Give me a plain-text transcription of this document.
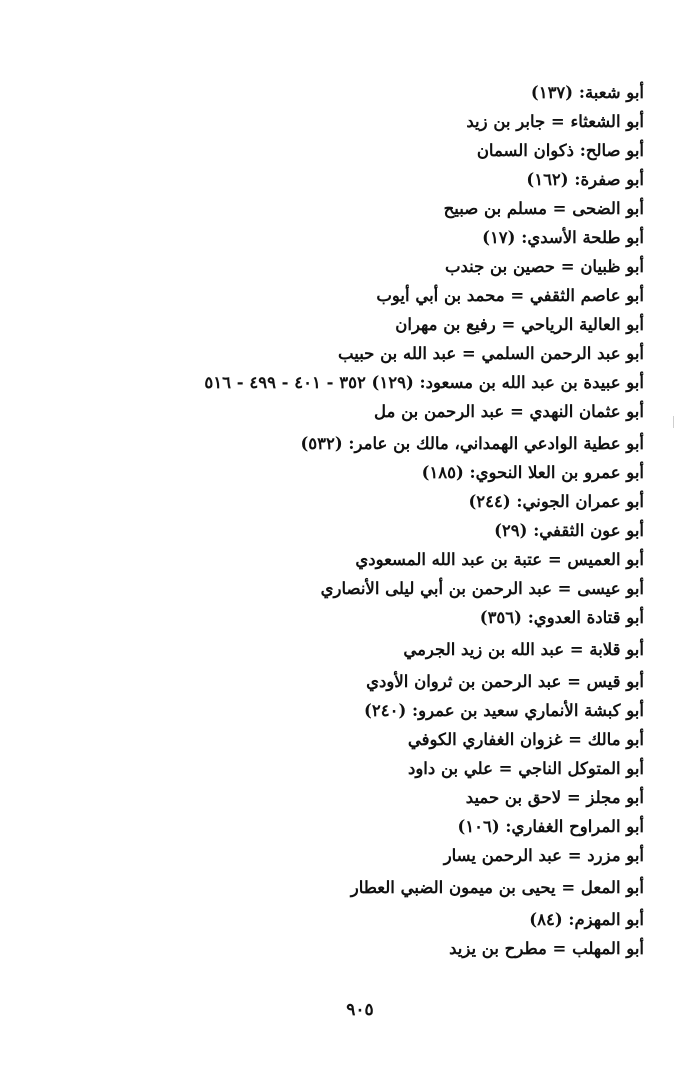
أبو شعبة: (١٣٧)
أبو الشعثاء = جابر بن زيد
أبو صالح: ذكوان السمان
أبو صفرة: (١٦٢)
أبو الضحى = مسلم بن صبيح
أبو طلحة الأسدي: (١٧)
أبو ظبيان = حصين بن جندب
أبو عاصم الثقفي = محمد بن أبي أيوب
أبو العالية الرياحي = رفيع بن مهران
أبو عبد الرحمن السلمي = عبد الله بن حبيب
أبو عبيدة بن عبد الله بن مسعود: (١٢٩) ٣٥٢ - ٤٠١ - ٤٩٩ - ٥١٦
أبو عثمان النهدي = عبد الرحمن بن مل
أبو عطية الوادعي الهمداني، مالك بن عامر: (٥٣٢)
أبو عمرو بن العلا النحوي: (١٨٥)
أبو عمران الجوني: (٢٤٤)
أبو عون الثقفي: (٢٩)
أبو العميس = عتبة بن عبد الله المسعودي
أبو عيسى = عبد الرحمن بن أبي ليلى الأنصاري
أبو قتادة العدوي: (٣٥٦)
أبو قلابة = عبد الله بن زيد الجرمي
أبو قيس = عبد الرحمن بن ثروان الأودي
أبو كبشة الأنماري سعيد بن عمرو: (٢٤٠)
أبو مالك = غزوان الغفاري الكوفي
أبو المتوكل الناجي = علي بن داود
أبو مجلز = لاحق بن حميد
أبو المراوح الغفاري: (١٠٦)
أبو مزرد = عبد الرحمن يسار
أبو المعل = يحيى بن ميمون الضبي العطار
أبو المهزم: (٨٤)
أبو المهلب = مطرح بن يزيد
٩٠٥
